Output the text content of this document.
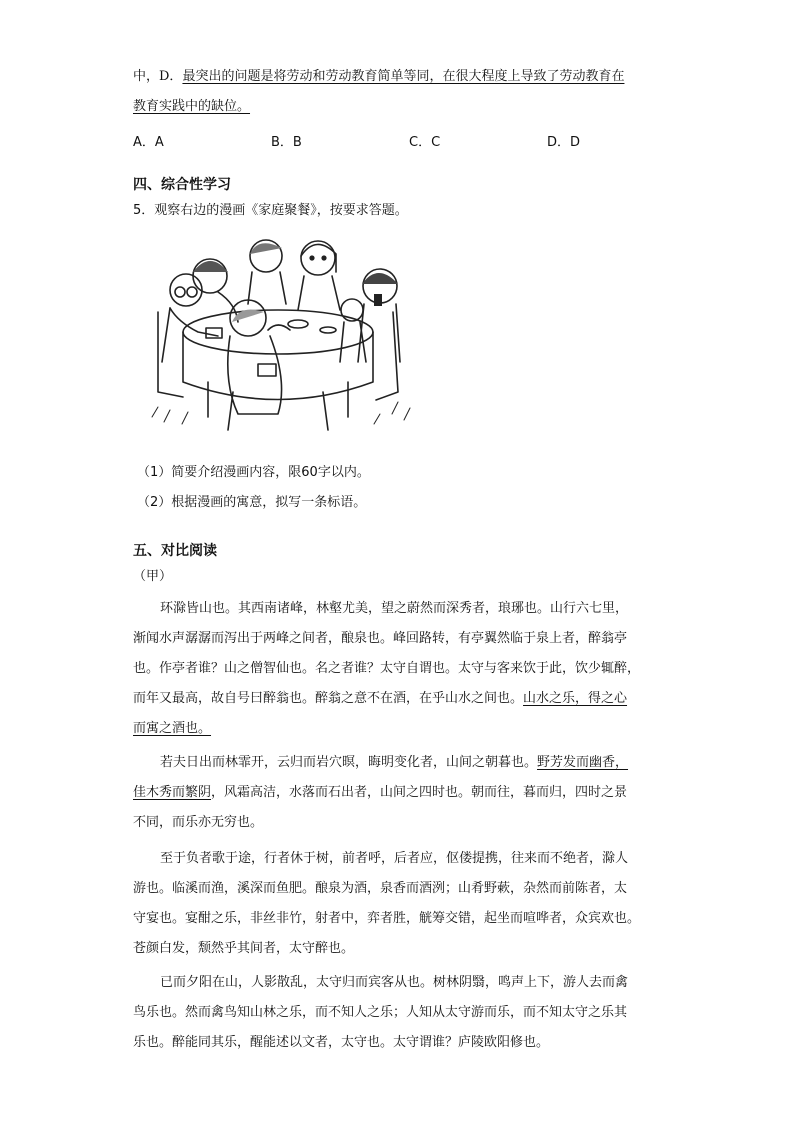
中，D．最突出的问题是将劳动和劳动教育简单等同，在很大程度上导致了劳动教育在
教育实践中的缺位。
A．A	B．B	C．C	D．D
四、综合性学习
5．观察右边的漫画《家庭聚餐》，按要求答题。
（1）简要介绍漫画内容，限60字以内。
（2）根据漫画的寓意，拟写一条标语。
五、对比阅读
（甲）
环滁皆山也。其西南诸峰，林壑尤美，望之蔚然而深秀者，琅琊也。山行六七里，
渐闻水声潺潺而泻出于两峰之间者，酿泉也。峰回路转，有亭翼然临于泉上者，醉翁亭
也。作亭者谁？山之僧智仙也。名之者谁？太守自谓也。太守与客来饮于此，饮少辄醉，
而年又最高，故自号曰醉翁也。醉翁之意不在酒，在乎山水之间也。山水之乐，得之心
而寓之酒也。
若夫日出而林霏开，云归而岩穴暝，晦明变化者，山间之朝暮也。野芳发而幽香，
佳木秀而繁阴，风霜高洁，水落而石出者，山间之四时也。朝而往，暮而归，四时之景
不同，而乐亦无穷也。
至于负者歌于途，行者休于树，前者呼，后者应，伛偻提携，往来而不绝者，滁人
游也。临溪而渔，溪深而鱼肥。酿泉为酒，泉香而酒洌；山肴野蔌，杂然而前陈者，太
守宴也。宴酣之乐，非丝非竹，射者中，弈者胜，觥筹交错，起坐而喧哗者，众宾欢也。
苍颜白发，颓然乎其间者，太守醉也。
已而夕阳在山，人影散乱，太守归而宾客从也。树林阴翳，鸣声上下，游人去而禽
鸟乐也。然而禽鸟知山林之乐，而不知人之乐；人知从太守游而乐，而不知太守之乐其
乐也。醉能同其乐，醒能述以文者，太守也。太守谓谁？庐陵欧阳修也。
